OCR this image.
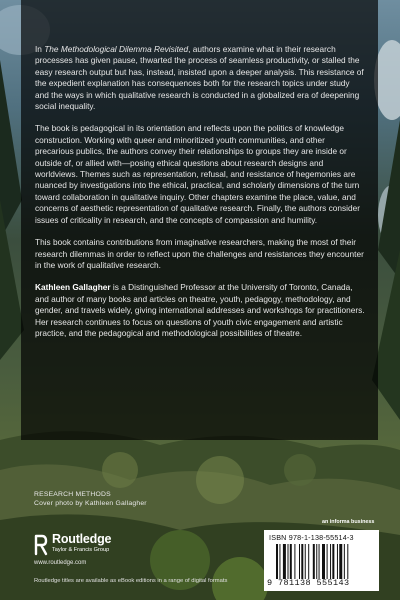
In The Methodological Dilemma Revisited, authors examine what in their research processes has given pause, thwarted the process of seamless productivity, or stalled the easy research output but has, instead, insisted upon a deeper analysis. This resistance of the expedient explanation has consequences both for the research topics under study and the ways in which qualitative research is conducted in a globalized era of deepening social inequality.

The book is pedagogical in its orientation and reflects upon the politics of knowledge construction. Working with queer and minoritized youth communities, and other precarious publics, the authors convey their relationships to groups they are inside or outside of, or allied with—posing ethical questions about research designs and worldviews. Themes such as representation, refusal, and resistance of hegemonies are nuanced by investigations into the ethical, practical, and scholarly dimensions of the turn toward collaboration in qualitative inquiry. Other chapters examine the place, value, and concerns of aesthetic representation of qualitative research. Finally, the authors consider issues of criticality in research, and the concepts of compassion and humility.

This book contains contributions from imaginative researchers, making the most of their research dilemmas in order to reflect upon the challenges and resistances they encounter in the work of qualitative research.

Kathleen Gallagher is a Distinguished Professor at the University of Toronto, Canada, and author of many books and articles on theatre, youth, pedagogy, methodology, and gender, and travels widely, giving international addresses and workshops for practitioners. Her research continues to focus on questions of youth civic engagement and artistic practice, and the pedagogical and methodological possibilities of theatre.

RESEARCH METHODS
Cover photo by Kathleen Gallagher
Routledge
Taylor & Francis Group
www.routledge.com
Routledge titles are available as eBook editions in a range of digital formats
an informa business
ISBN 978-1-138-55514-3
9 781138 555143
